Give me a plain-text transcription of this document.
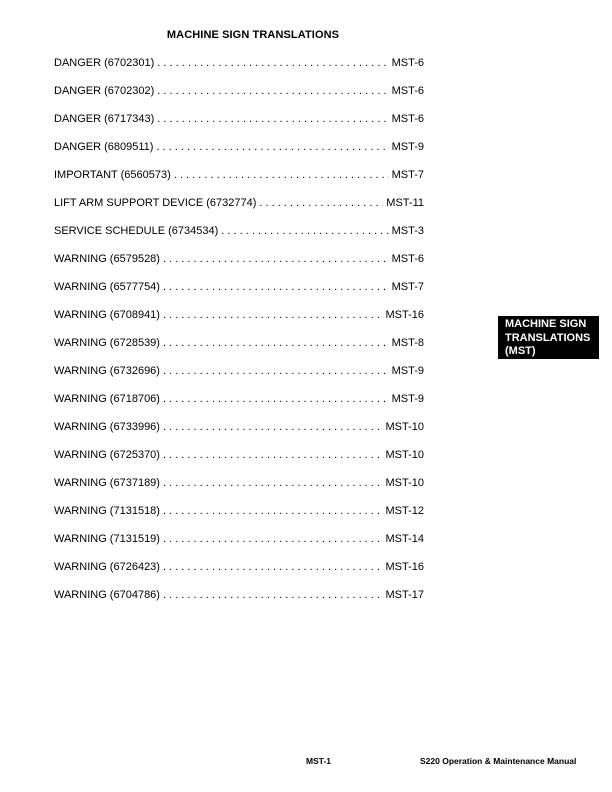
MACHINE SIGN TRANSLATIONS
DANGER (6702301) . . .	MST-6
DANGER (6702302) . . .	MST-6
DANGER (6717343) . . .	MST-6
DANGER (6809511) . . .	MST-9
IMPORTANT (6560573) . . .	MST-7
LIFT ARM SUPPORT DEVICE (6732774) . . .	MST-11
SERVICE SCHEDULE (6734534) . . .	MST-3
WARNING (6579528) . . .	MST-6
WARNING (6577754) . . .	MST-7
WARNING (6708941) . . .	MST-16
WARNING (6728539) . . .	MST-8
WARNING (6732696) . . .	MST-9
WARNING (6718706) . . .	MST-9
WARNING (6733996) . . .	MST-10
WARNING (6725370) . . .	MST-10
WARNING (6737189) . . .	MST-10
WARNING (7131518) . . .	MST-12
WARNING (7131519) . . .	MST-14
WARNING (6726423) . . .	MST-16
WARNING (6704786) . . .	MST-17
MACHINE SIGN
TRANSLATIONS
(MST)
MST-1	S220 Operation & Maintenance Manual
